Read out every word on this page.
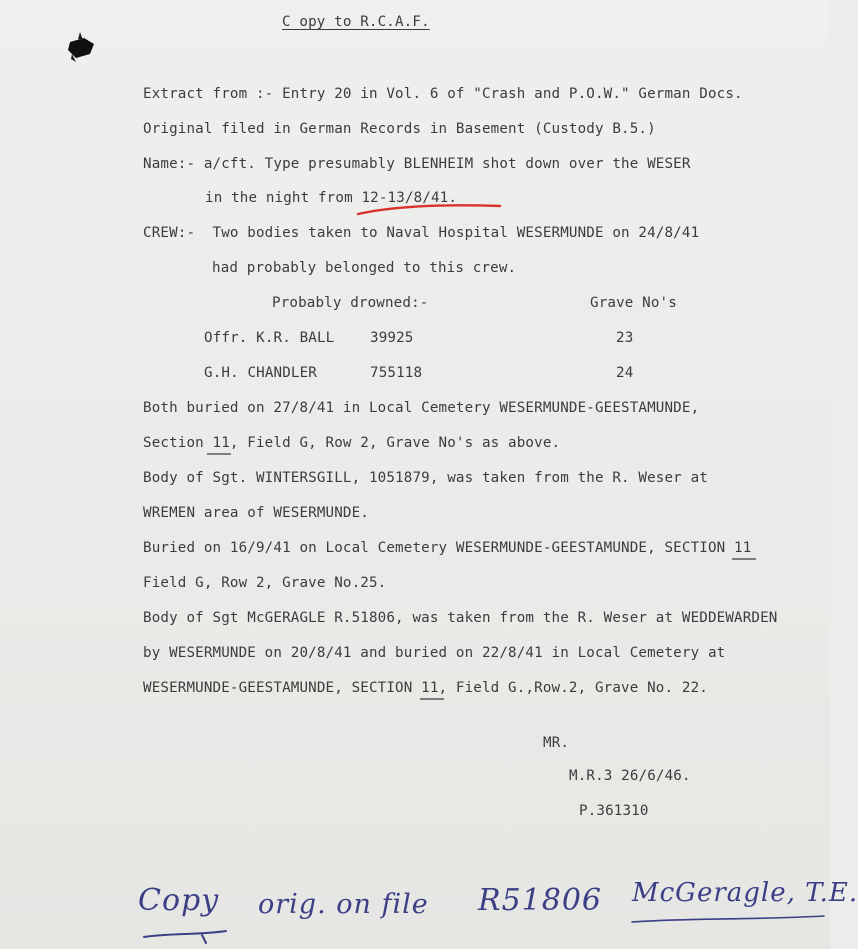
C opy to R.C.A.F.
Extract from :- Entry 20 in Vol. 6 of "Crash and P.O.W." German Docs.
Original filed in German Records in Basement (Custody B.5.)
Name:- a/cft. Type presumably BLENHEIM shot down over the WESER
in the night from 12-13/8/41.
CREW:-  Two bodies taken to Naval Hospital WESERMUNDE on 24/8/41
had probably belonged to this crew.
Probably drowned:-	Grave No's
Offr. K.R. BALL	39925	23
G.H. CHANDLER	755118	24
Both buried on 27/8/41 in Local Cemetery WESERMUNDE-GEESTAMUNDE,
Section 11, Field G, Row 2, Grave No's as above.
Body of Sgt. WINTERSGILL, 1051879, was taken from the R. Weser at
WREMEN area of WESERMUNDE.
Buried on 16/9/41 on Local Cemetery WESERMUNDE-GEESTAMUNDE, SECTION 11
Field G, Row 2, Grave No.25.
Body of Sgt McGERAGLE R.51806, was taken from the R. Weser at WEDDEWARDEN
by WESERMUNDE on 20/8/41 and buried on 22/8/41 in Local Cemetery at
WESERMUNDE-GEESTAMUNDE, SECTION 11, Field G.,Row.2, Grave No. 22.
MR.
M.R.3 26/6/46.
P.361310
Copy orig. on file R51806 McGeragle, T.E.
